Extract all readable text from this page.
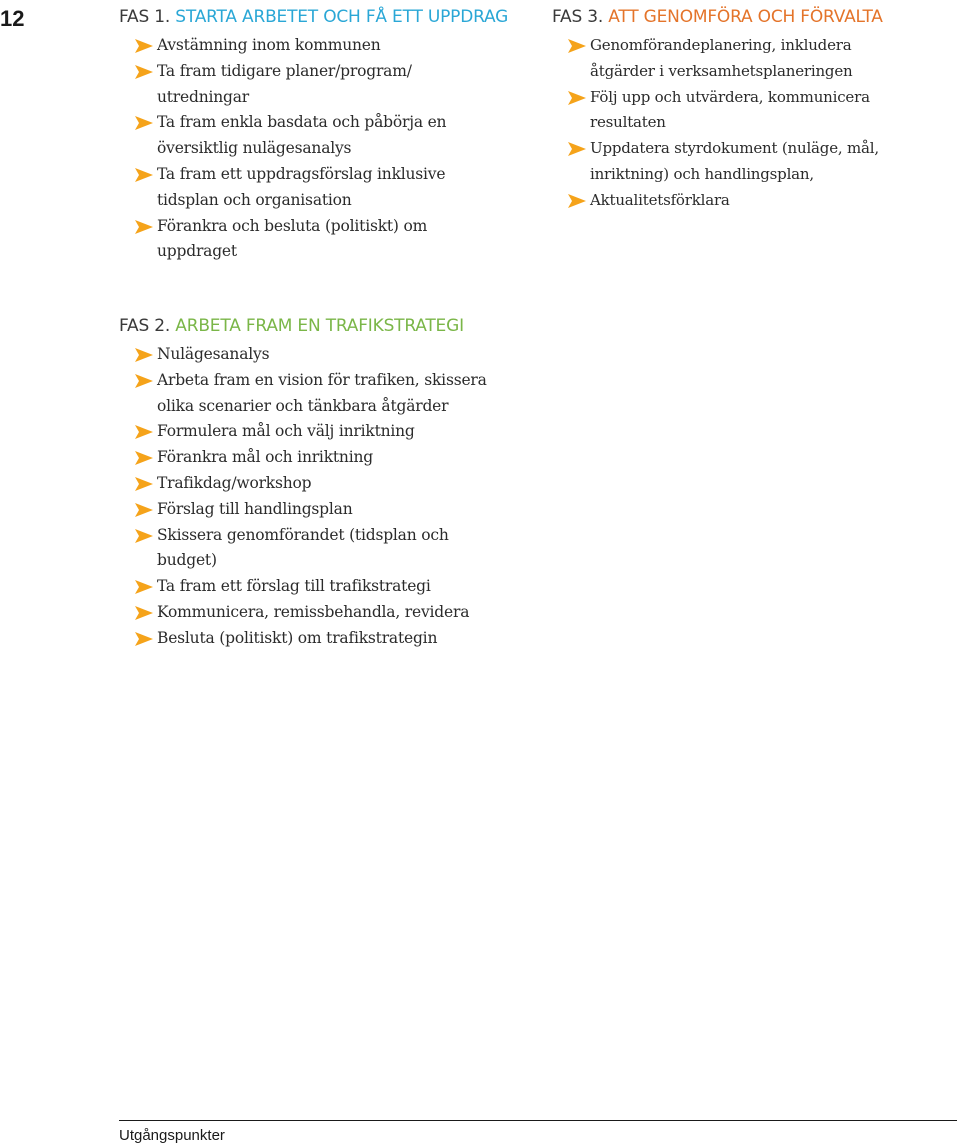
12	FAS 1. STARTA ARBETET OCH FÅ ETT UPPDRAG
Avstämning inom kommunen
Ta fram tidigare planer/program/
utredningar
Ta fram enkla basdata och påbörja en
översiktlig nulägesanalys
Ta fram ett uppdragsförslag inklusive
tidsplan och organisation
Förankra och besluta (politiskt) om
uppdraget
FAS 2. ARBETA FRAM EN TRAFIKSTRATEGI
Nulägesanalys
Arbeta fram en vision för trafiken, skissera
olika scenarier och tänkbara åtgärder
Formulera mål och välj inriktning
Förankra mål och inriktning
Trafikdag/workshop
Förslag till handlingsplan
Skissera genomförandet (tidsplan och
budget)
Ta fram ett förslag till trafikstrategi
Kommunicera, remissbehandla, revidera
Besluta (politiskt) om trafikstrategin
FAS 3. ATT GENOMFÖRA OCH FÖRVALTA
Genomförandeplanering, inkludera
åtgärder i verksamhetsplaneringen
Följ upp och utvärdera, kommunicera
resultaten
Uppdatera styrdokument (nuläge, mål,
inriktning) och handlingsplan,
Aktualitetsförklara
Utgångspunkter
